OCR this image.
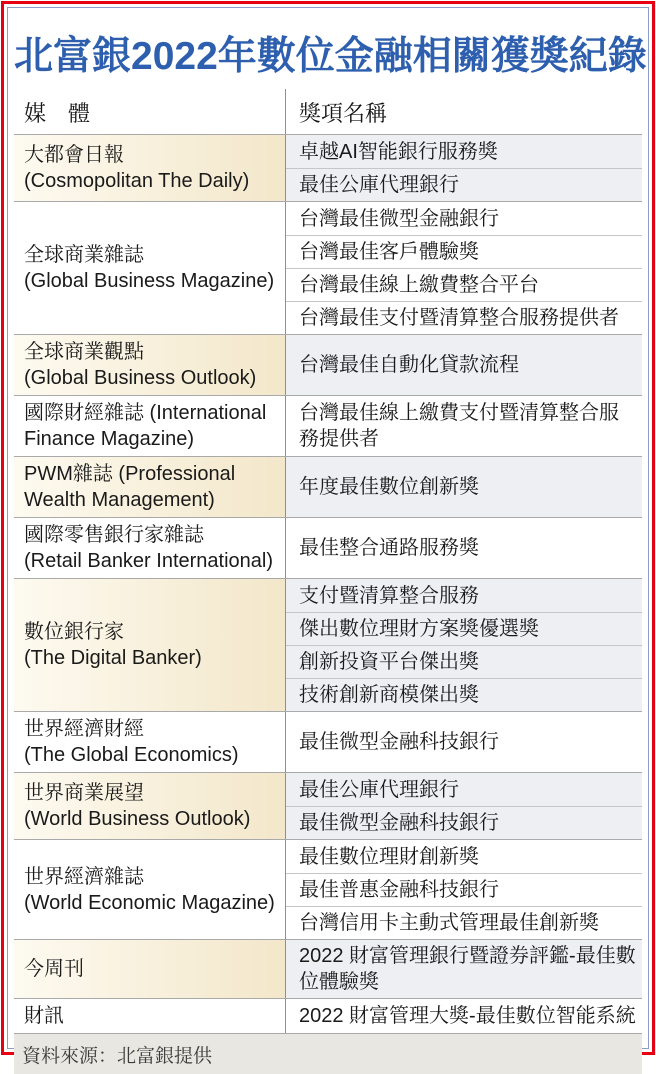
北富銀2022年數位金融相關獲獎紀錄
媒　體	獎項名稱
大都會日報
(Cosmopolitan The Daily)
卓越AI智能銀行服務獎
最佳公庫代理銀行
全球商業雜誌
(Global Business Magazine)
台灣最佳微型金融銀行
台灣最佳客戶體驗獎
台灣最佳線上繳費整合平台
台灣最佳支付暨清算整合服務提供者
全球商業觀點
(Global Business Outlook)
台灣最佳自動化貸款流程
國際財經雜誌 (International
Finance Magazine)
台灣最佳線上繳費支付暨清算整合服務提供者
PWM雜誌 (Professional
Wealth Management)
年度最佳數位創新獎
國際零售銀行家雜誌
(Retail Banker International)
最佳整合通路服務獎
數位銀行家
(The Digital Banker)
支付暨清算整合服務
傑出數位理財方案獎優選獎
創新投資平台傑出獎
技術創新商模傑出獎
世界經濟財經
(The Global Economics)
最佳微型金融科技銀行
世界商業展望
(World Business Outlook)
最佳公庫代理銀行
最佳微型金融科技銀行
世界經濟雜誌
(World Economic Magazine)
最佳數位理財創新獎
最佳普惠金融科技銀行
台灣信用卡主動式管理最佳創新獎
今周刊
2022 財富管理銀行暨證券評鑑-最佳數位體驗獎
財訊	2022 財富管理大獎-最佳數位智能系統
資料來源：北富銀提供
